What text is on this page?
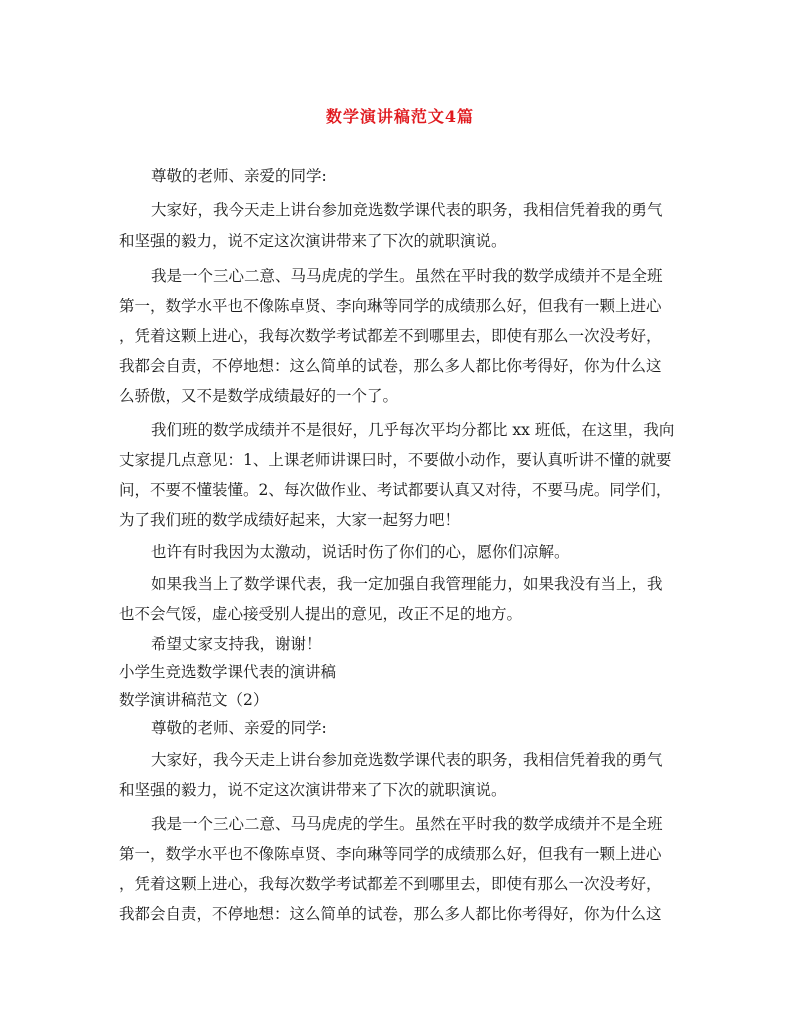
数学演讲稿范文4篇
尊敬的老师、亲爱的同学:
大家好，我今天走上讲台参加竞选数学课代表的职务，我相信凭着我的勇气
和坚强的毅力，说不定这次演讲带来了下次的就职演说。
我是一个三心二意、马马虎虎的学生。虽然在平时我的数学成绩并不是全班
第一，数学水平也不像陈卓贤、李向琳等同学的成绩那么好，但我有一颗上进心
，凭着这颗上进心，我每次数学考试都差不到哪里去，即使有那么一次没考好，
我都会自责，不停地想：这么简单的试卷，那么多人都比你考得好，你为什么这
么骄傲，又不是数学成绩最好的一个了。
我们班的数学成绩并不是很好，几乎每次平均分都比 xx 班低，在这里，我向
丈家提几点意见：1、上课老师讲课曰时，不要做小动作，要认真听讲不懂的就要
问，不要不懂装懂。2、每次做作业、考试都要认真又对待，不要马虎。同学们，
为了我们班的数学成绩好起来，大家一起努力吧！
也许有时我因为太激动，说话时伤了你们的心，愿你们凉解。
如果我当上了数学课代表，我一定加强自我管理能力，如果我没有当上，我
也不会气馁，虚心接受别人提出的意见，改正不足的地方。
希望丈家支持我，谢谢！
小学生竞选数学课代表的演讲稿
数学演讲稿范文（2）
尊敬的老师、亲爱的同学:
大家好，我今天走上讲台参加竞选数学课代表的职务，我相信凭着我的勇气
和坚强的毅力，说不定这次演讲带来了下次的就职演说。
我是一个三心二意、马马虎虎的学生。虽然在平时我的数学成绩并不是全班
第一，数学水平也不像陈卓贤、李向琳等同学的成绩那么好，但我有一颗上进心
，凭着这颗上进心，我每次数学考试都差不到哪里去，即使有那么一次没考好，
我都会自责，不停地想：这么简单的试卷，那么多人都比你考得好，你为什么这
